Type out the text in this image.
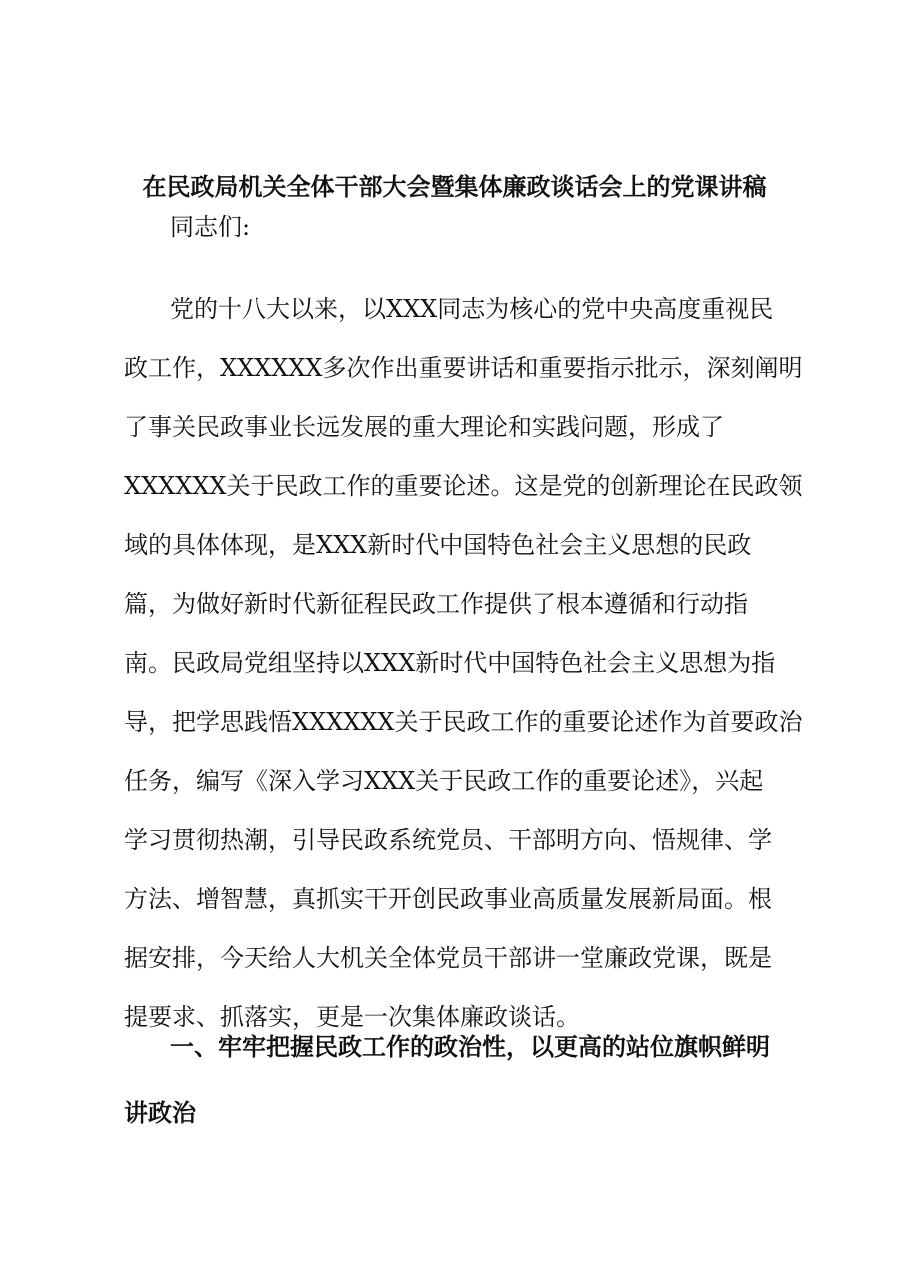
在民政局机关全体干部大会暨集体廉政谈话会上的党课讲稿
同志们:
党的十八大以来，以XXX同志为核心的党中央高度重视民
政工作，XXXXXX多次作出重要讲话和重要指示批示，深刻阐明
了事关民政事业长远发展的重大理论和实践问题，形成了
XXXXXX关于民政工作的重要论述。这是党的创新理论在民政领
域的具体体现，是XXX新时代中国特色社会主义思想的民政
篇，为做好新时代新征程民政工作提供了根本遵循和行动指
南。民政局党组坚持以XXX新时代中国特色社会主义思想为指
导，把学思践悟XXXXXX关于民政工作的重要论述作为首要政治
任务，编写《深入学习XXX关于民政工作的重要论述》，兴起
学习贯彻热潮，引导民政系统党员、干部明方向、悟规律、学
方法、增智慧，真抓实干开创民政事业高质量发展新局面。根
据安排，今天给人大机关全体党员干部讲一堂廉政党课，既是
提要求、抓落实，更是一次集体廉政谈话。
一、牢牢把握民政工作的政治性，以更高的站位旗帜鲜明
讲政治
